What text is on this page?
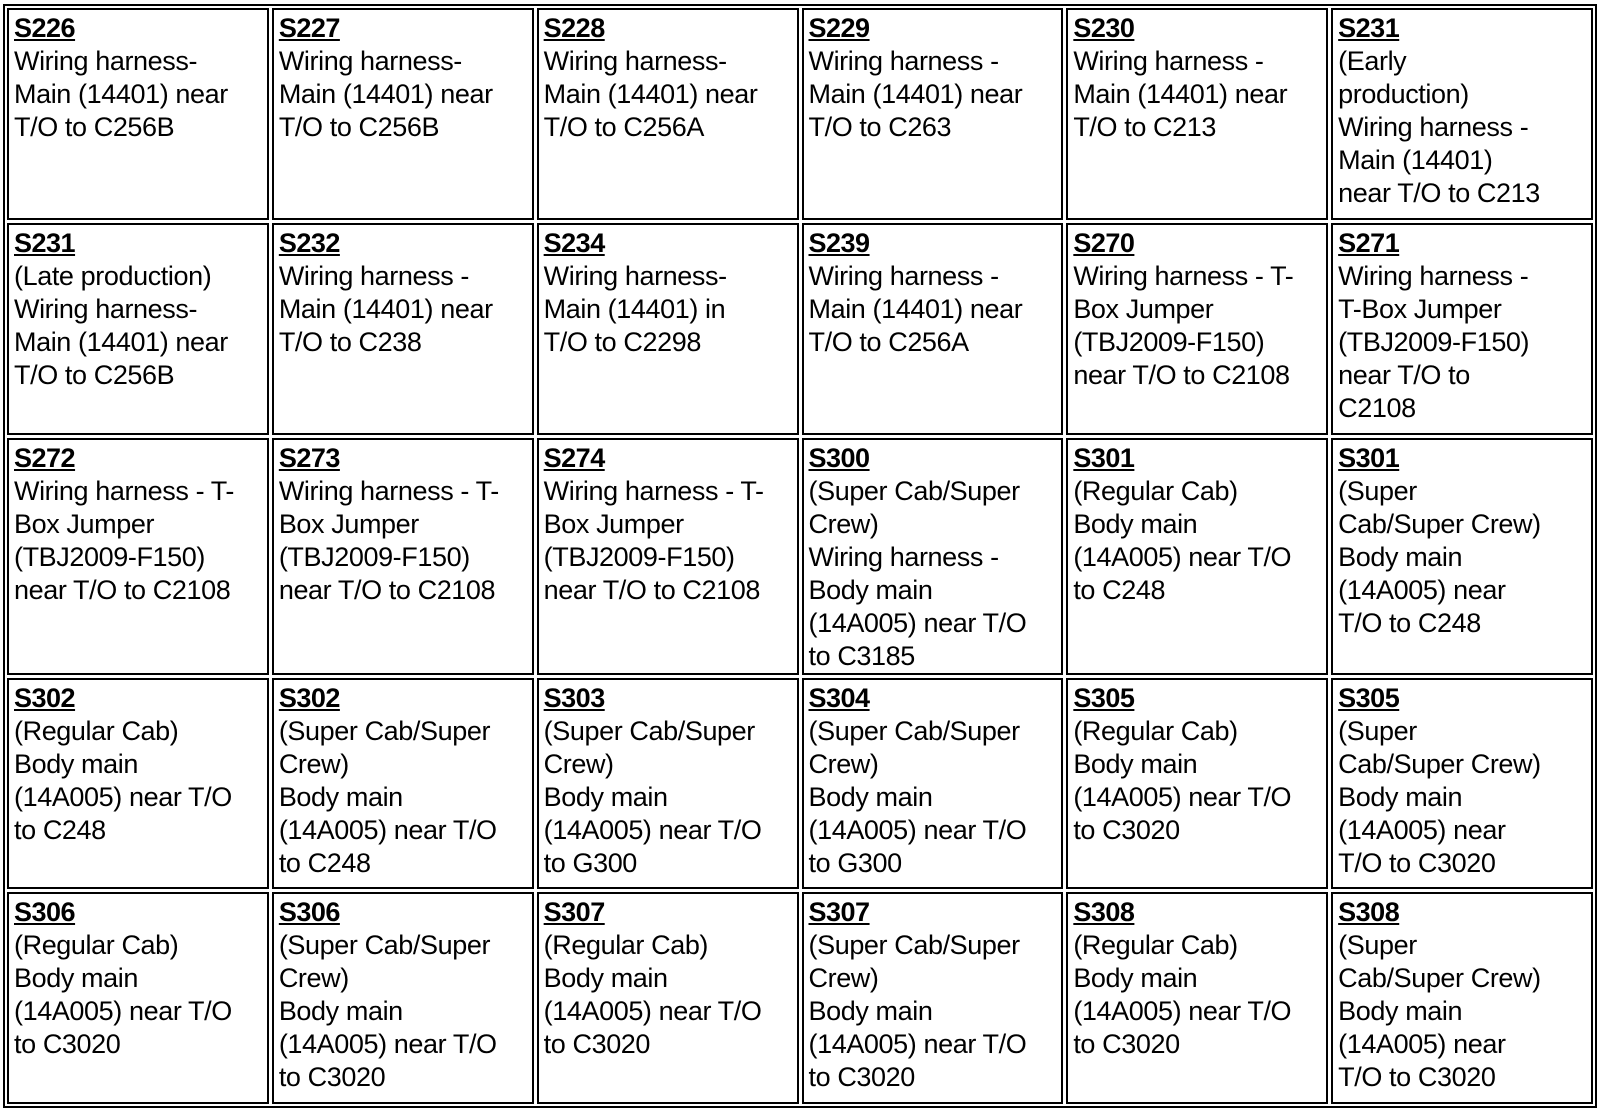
S226
Wiring harness-
Main (14401) near
T/O to C256B
S227
Wiring harness-
Main (14401) near
T/O to C256B
S228
Wiring harness-
Main (14401) near
T/O to C256A
S229
Wiring harness -
Main (14401) near
T/O to C263
S230
Wiring harness -
Main (14401) near
T/O to C213
S231
(Early
production)
Wiring harness -
Main (14401)
near T/O to C213
S231
(Late production)
Wiring harness-
Main (14401) near
T/O to C256B
S232
Wiring harness -
Main (14401) near
T/O to C238
S234
Wiring harness-
Main (14401) in
T/O to C2298
S239
Wiring harness -
Main (14401) near
T/O to C256A
S270
Wiring harness - T-
Box Jumper
(TBJ2009-F150)
near T/O to C2108
S271
Wiring harness -
T-Box Jumper
(TBJ2009-F150)
near T/O to
C2108
S272
Wiring harness - T-
Box Jumper
(TBJ2009-F150)
near T/O to C2108
S273
Wiring harness - T-
Box Jumper
(TBJ2009-F150)
near T/O to C2108
S274
Wiring harness - T-
Box Jumper
(TBJ2009-F150)
near T/O to C2108
S300
(Super Cab/Super
Crew)
Wiring harness -
Body main
(14A005) near T/O
to C3185
S301
(Regular Cab)
Body main
(14A005) near T/O
to C248
S301
(Super
Cab/Super Crew)
Body main
(14A005) near
T/O to C248
S302
(Regular Cab)
Body main
(14A005) near T/O
to C248
S302
(Super Cab/Super
Crew)
Body main
(14A005) near T/O
to C248
S303
(Super Cab/Super
Crew)
Body main
(14A005) near T/O
to G300
S304
(Super Cab/Super
Crew)
Body main
(14A005) near T/O
to G300
S305
(Regular Cab)
Body main
(14A005) near T/O
to C3020
S305
(Super
Cab/Super Crew)
Body main
(14A005) near
T/O to C3020
S306
(Regular Cab)
Body main
(14A005) near T/O
to C3020
S306
(Super Cab/Super
Crew)
Body main
(14A005) near T/O
to C3020
S307
(Regular Cab)
Body main
(14A005) near T/O
to C3020
S307
(Super Cab/Super
Crew)
Body main
(14A005) near T/O
to C3020
S308
(Regular Cab)
Body main
(14A005) near T/O
to C3020
S308
(Super
Cab/Super Crew)
Body main
(14A005) near
T/O to C3020
